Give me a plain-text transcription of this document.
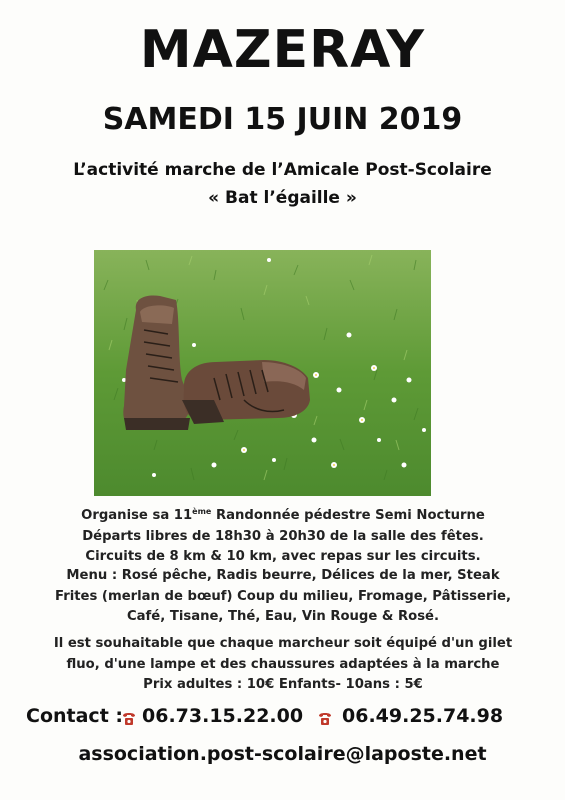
MAZERAY
SAMEDI 15 JUIN 2019
L’activité marche de l’Amicale Post-Scolaire
« Bat l’égaille »
Organise sa 11ème Randonnée pédestre Semi Nocturne
Départs libres de 18h30 à 20h30 de la salle des fêtes.
Circuits de 8 km & 10 km, avec repas sur les circuits.
Menu : Rosé pêche, Radis beurre, Délices de la mer, Steak
Frites (merlan de bœuf) Coup du milieu, Fromage, Pâtisserie,
Café, Tisane, Thé, Eau, Vin Rouge & Rosé.
Il est souhaitable que chaque marcheur soit équipé d'un gilet
fluo, d'une lampe et des chaussures adaptées à la marche
Prix adultes : 10€ Enfants- 10ans : 5€
Contact : 06.73.15.22.00 06.49.25.74.98
association.post-scolaire@laposte.net
